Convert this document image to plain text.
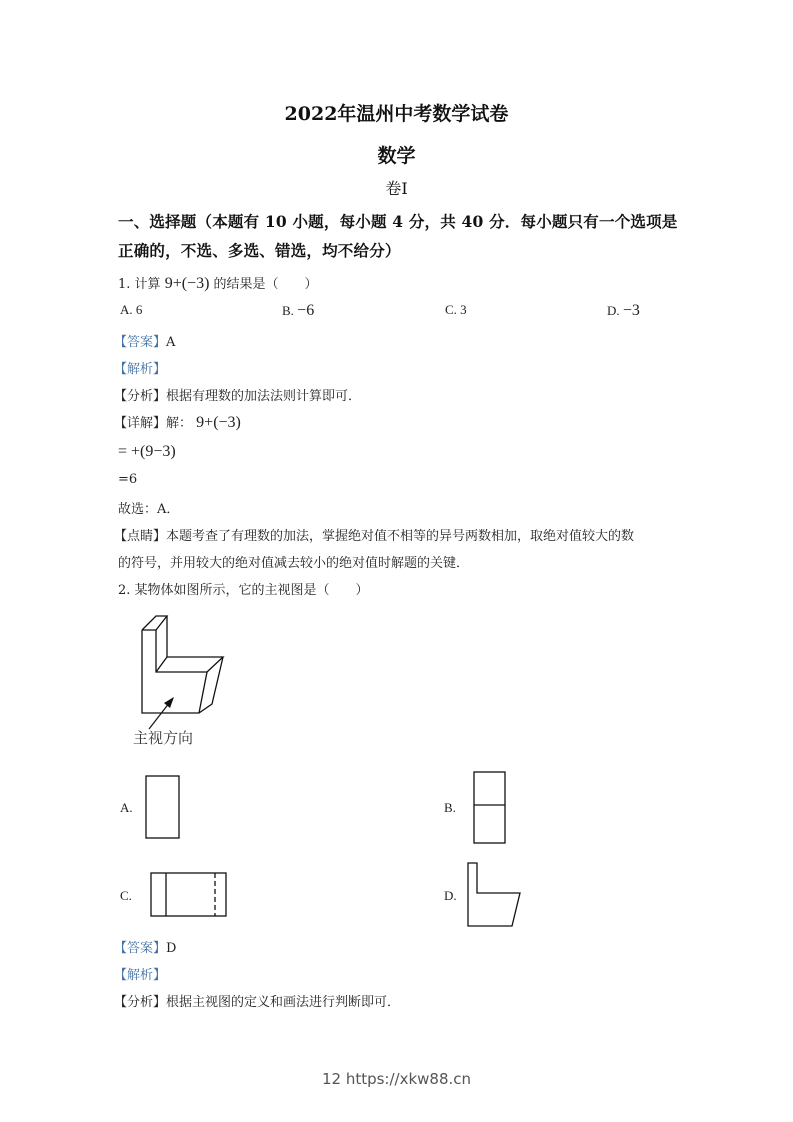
2022年温州中考数学试卷
数学
卷I
一、选择题（本题有 10 小题，每小题 4 分，共 40 分．每小题只有一个选项是
正确的，不选、多选、错选，均不给分）
1. 计算 9+(−3) 的结果是（　　）
A. 6	B. −6	C. 3	D. −3
【答案】A
【解析】
【分析】根据有理数的加法法则计算即可．
【详解】解： 9+(−3)
= +(9−3)
=6
故选：A．
【点睛】本题考查了有理数的加法，掌握绝对值不相等的异号两数相加，取绝对值较大的数
的符号，并用较大的绝对值减去较小的绝对值时解题的关键．
2. 某物体如图所示，它的主视图是（　　）
主视方向
A.	B.
C.	D.
【答案】D
【解析】
【分析】根据主视图的定义和画法进行判断即可．
12 https://xkw88.cn
